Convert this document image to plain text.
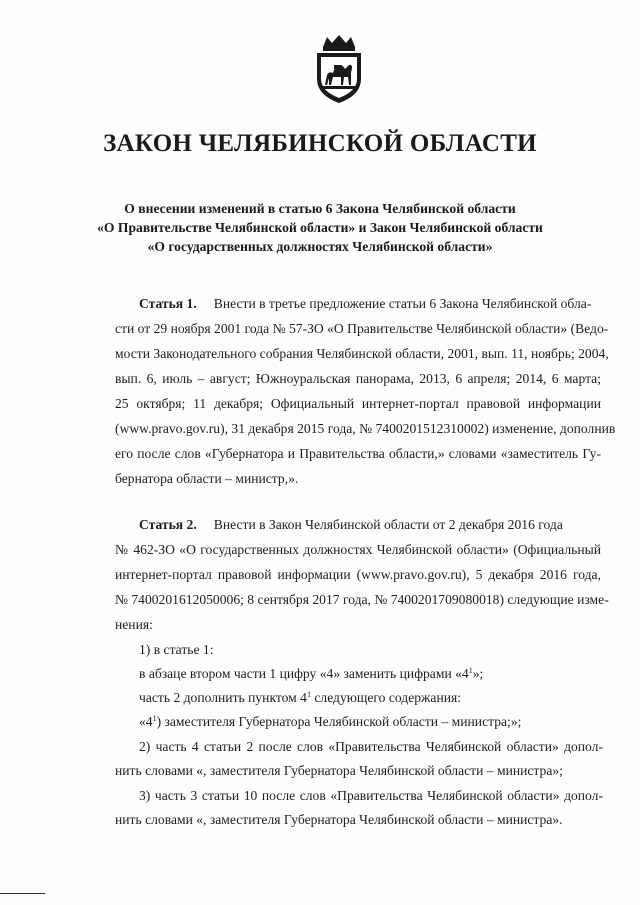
ЗАКОН ЧЕЛЯБИНСКОЙ ОБЛАСТИ
О внесении изменений в статью 6 Закона Челябинской области
«О Правительстве Челябинской области» и Закон Челябинской области
«О государственных должностях Челябинской области»
Статья 1. Внести в третье предложение статьи 6 Закона Челябинской обла-
сти от 29 ноября 2001 года № 57-ЗО «О Правительстве Челябинской области» (Ведо-
мости Законодательного собрания Челябинской области, 2001, вып. 11, ноябрь; 2004,
вып. 6, июль – август; Южноуральская панорама, 2013, 6 апреля; 2014, 6 марта;
25 октября; 11 декабря; Официальный интернет-портал правовой информации
(www.pravo.gov.ru), 31 декабря 2015 года, № 7400201512310002) изменение, дополнив
его после слов «Губернатора и Правительства области,» словами «заместитель Гу-
бернатора области – министр,».
Статья 2. Внести в Закон Челябинской области от 2 декабря 2016 года
№ 462-ЗО «О государственных должностях Челябинской области» (Официальный
интернет-портал правовой информации (www.pravo.gov.ru), 5 декабря 2016 года,
№ 7400201612050006; 8 сентября 2017 года, № 7400201709080018) следующие изме-
нения:
1) в статье 1:
в абзаце втором части 1 цифру «4» заменить цифрами «$4^1$»;
часть 2 дополнить пунктом $4^1$ следующего содержания:
«$4^1$) заместителя Губернатора Челябинской области – министра;»;
2) часть 4 статьи 2 после слов «Правительства Челябинской области» допол-
нить словами «, заместителя Губернатора Челябинской области – министра»;
3) часть 3 статьи 10 после слов «Правительства Челябинской области» допол-
нить словами «, заместителя Губернатора Челябинской области – министра».
